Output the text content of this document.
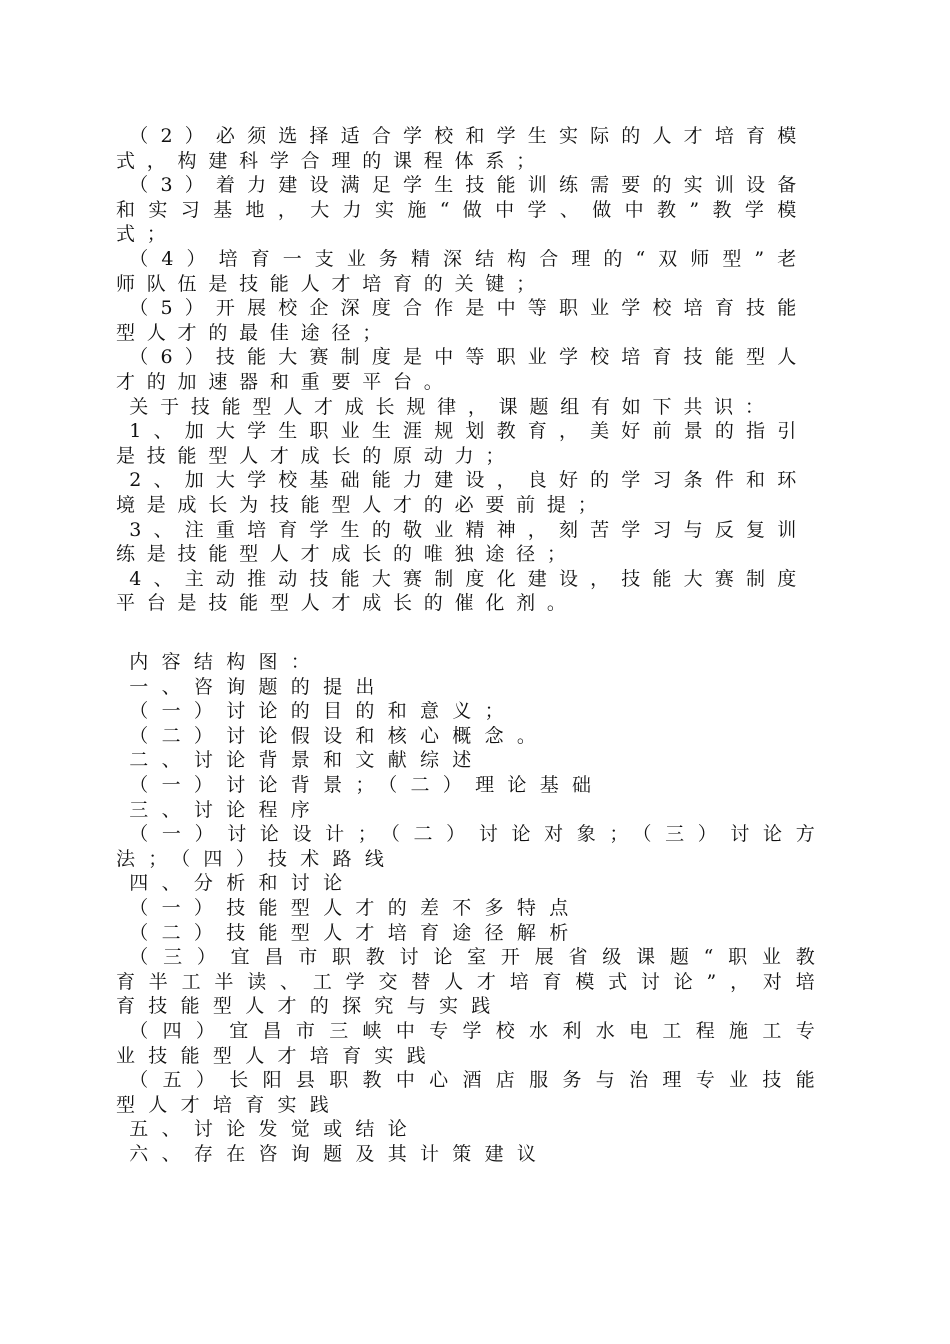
（2）必须选择适合学校和学生实际的人才培育模式，构建科学合理的课程体系；

（3）着力建设满足学生技能训练需要的实训设备和实习基地，大力实施“做中学、做中教”教学模式；

（4）培育一支业务精深结构合理的“双师型”老师队伍是技能人才培育的关键；

（5）开展校企深度合作是中等职业学校培育技能型人才的最佳途径；

（6）技能大赛制度是中等职业学校培育技能型人才的加速器和重要平台。

关于技能型人才成长规律，课题组有如下共识：

1、加大学生职业生涯规划教育，美好前景的指引是技能型人才成长的原动力；

2、加大学校基础能力建设，良好的学习条件和环境是成长为技能型人才的必要前提；

3、注重培育学生的敬业精神，刻苦学习与反复训练是技能型人才成长的唯独途径；

4、主动推动技能大赛制度化建设，技能大赛制度平台是技能型人才成长的催化剂。

内容结构图：

一、咨询题的提出

（一）讨论的目的和意义；

（二）讨论假设和核心概念。

二、讨论背景和文献综述

（一）讨论背景；（二）理论基础

三、讨论程序

（一）讨论设计；（二）讨论对象；（三）讨论方法；（四）技术路线

四、分析和讨论

（一）技能型人才的差不多特点

（二）技能型人才培育途径解析

（三）宜昌市职教讨论室开展省级课题“职业教育半工半读、工学交替人才培育模式讨论”，对培育技能型人才的探究与实践

（四）宜昌市三峡中专学校水利水电工程施工专业技能型人才培育实践

（五）长阳县职教中心酒店服务与治理专业技能型人才培育实践

五、讨论发觉或结论

六、存在咨询题及其计策建议
